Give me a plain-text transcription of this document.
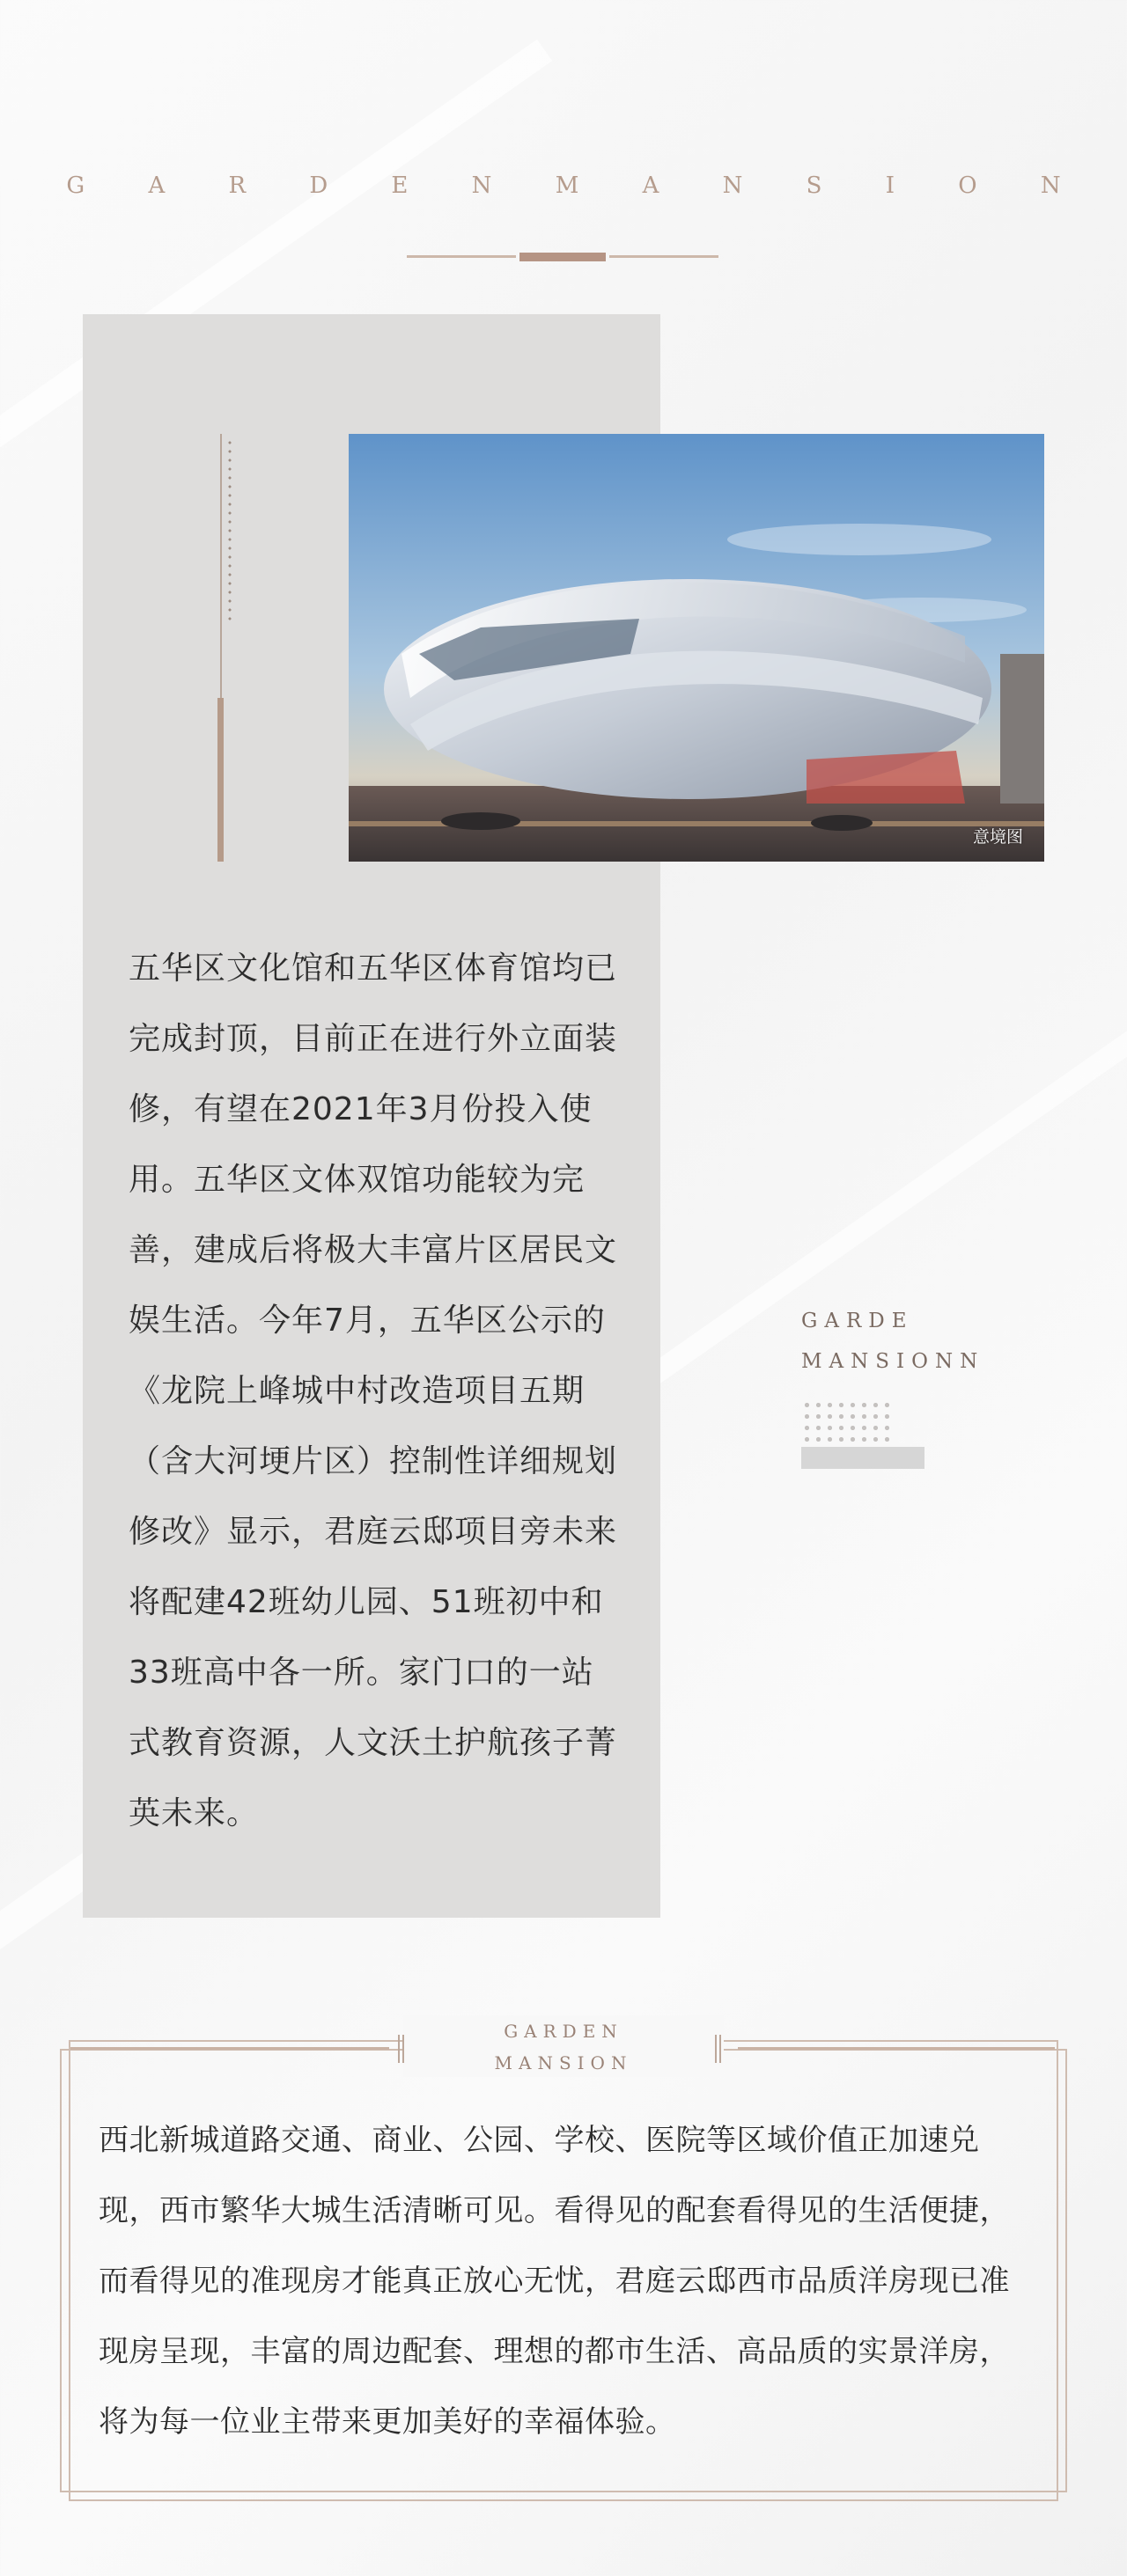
G A R D E N M A N S I O N
意境图
五华区文化馆和五华区体育馆均已完成封顶，目前正在进行外立面装修，有望在2021年3月份投入使用。五华区文体双馆功能较为完善，建成后将极大丰富片区居民文娱生活。今年7月，五华区公示的《龙院上峰城中村改造项目五期（含大河埂片区）控制性详细规划修改》显示，君庭云邸项目旁未来将配建42班幼儿园、51班初中和33班高中各一所。家门口的一站式教育资源，人文沃土护航孩子菁英未来。
GARDE
MANSIONN
GARDEN
MANSION
西北新城道路交通、商业、公园、学校、医院等区域价值正加速兑现，西市繁华大城生活清晰可见。看得见的配套看得见的生活便捷，而看得见的准现房才能真正放心无忧，君庭云邸西市品质洋房现已准现房呈现，丰富的周边配套、理想的都市生活、高品质的实景洋房，将为每一位业主带来更加美好的幸福体验。
